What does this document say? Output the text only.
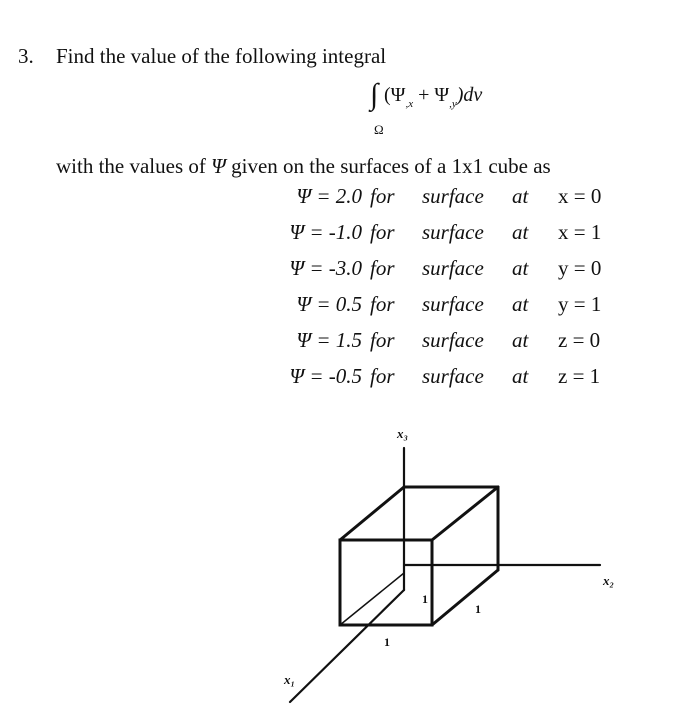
3. Find the value of the following integral
∫ $(\Psi_{,x} + \Psi_{,y})dv$
Ω
with the values of Ψ given on the surfaces of a 1x1 cube as
Ψ = 2.0 for surface at x = 0
Ψ = -1.0 for surface at x = 1
Ψ = -3.0 for surface at y = 0
Ψ = 0.5 for surface at y = 1
Ψ = 1.5 for surface at z = 0
Ψ = -0.5 for surface at z = 1
x₃
x₂
x₁
1
1
1
